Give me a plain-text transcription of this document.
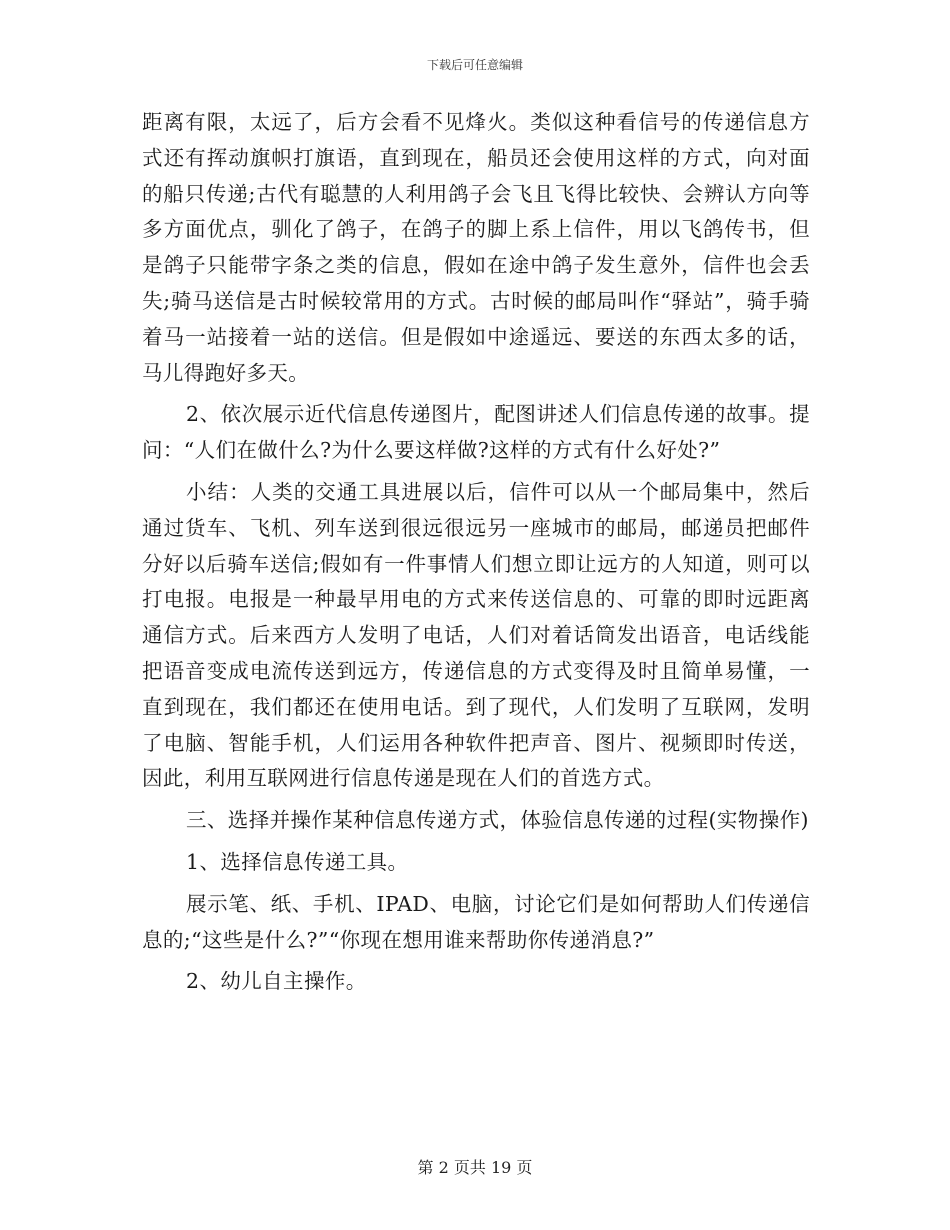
下载后可任意编辑

距离有限，太远了，后方会看不见烽火。类似这种看信号的传递信息方式还有挥动旗帜打旗语，直到现在，船员还会使用这样的方式，向对面的船只传递;古代有聪慧的人利用鸽子会飞且飞得比较快、会辨认方向等多方面优点，驯化了鸽子，在鸽子的脚上系上信件，用以飞鸽传书，但是鸽子只能带字条之类的信息，假如在途中鸽子发生意外，信件也会丢失;骑马送信是古时候较常用的方式。古时候的邮局叫作“驿站”，骑手骑着马一站接着一站的送信。但是假如中途遥远、要送的东西太多的话，马儿得跑好多天。

2、依次展示近代信息传递图片，配图讲述人们信息传递的故事。提问：“人们在做什么?为什么要这样做?这样的方式有什么好处?”

小结：人类的交通工具进展以后，信件可以从一个邮局集中，然后通过货车、飞机、列车送到很远很远另一座城市的邮局，邮递员把邮件分好以后骑车送信;假如有一件事情人们想立即让远方的人知道，则可以打电报。电报是一种最早用电的方式来传送信息的、可靠的即时远距离通信方式。后来西方人发明了电话，人们对着话筒发出语音，电话线能把语音变成电流传送到远方，传递信息的方式变得及时且简单易懂，一直到现在，我们都还在使用电话。到了现代，人们发明了互联网，发明了电脑、智能手机，人们运用各种软件把声音、图片、视频即时传送，因此，利用互联网进行信息传递是现在人们的首选方式。

三、选择并操作某种信息传递方式，体验信息传递的过程(实物操作)

1、选择信息传递工具。

展示笔、纸、手机、IPAD、电脑，讨论它们是如何帮助人们传递信息的;“这些是什么?”“你现在想用谁来帮助你传递消息?”

2、幼儿自主操作。

第 2 页共 19 页
